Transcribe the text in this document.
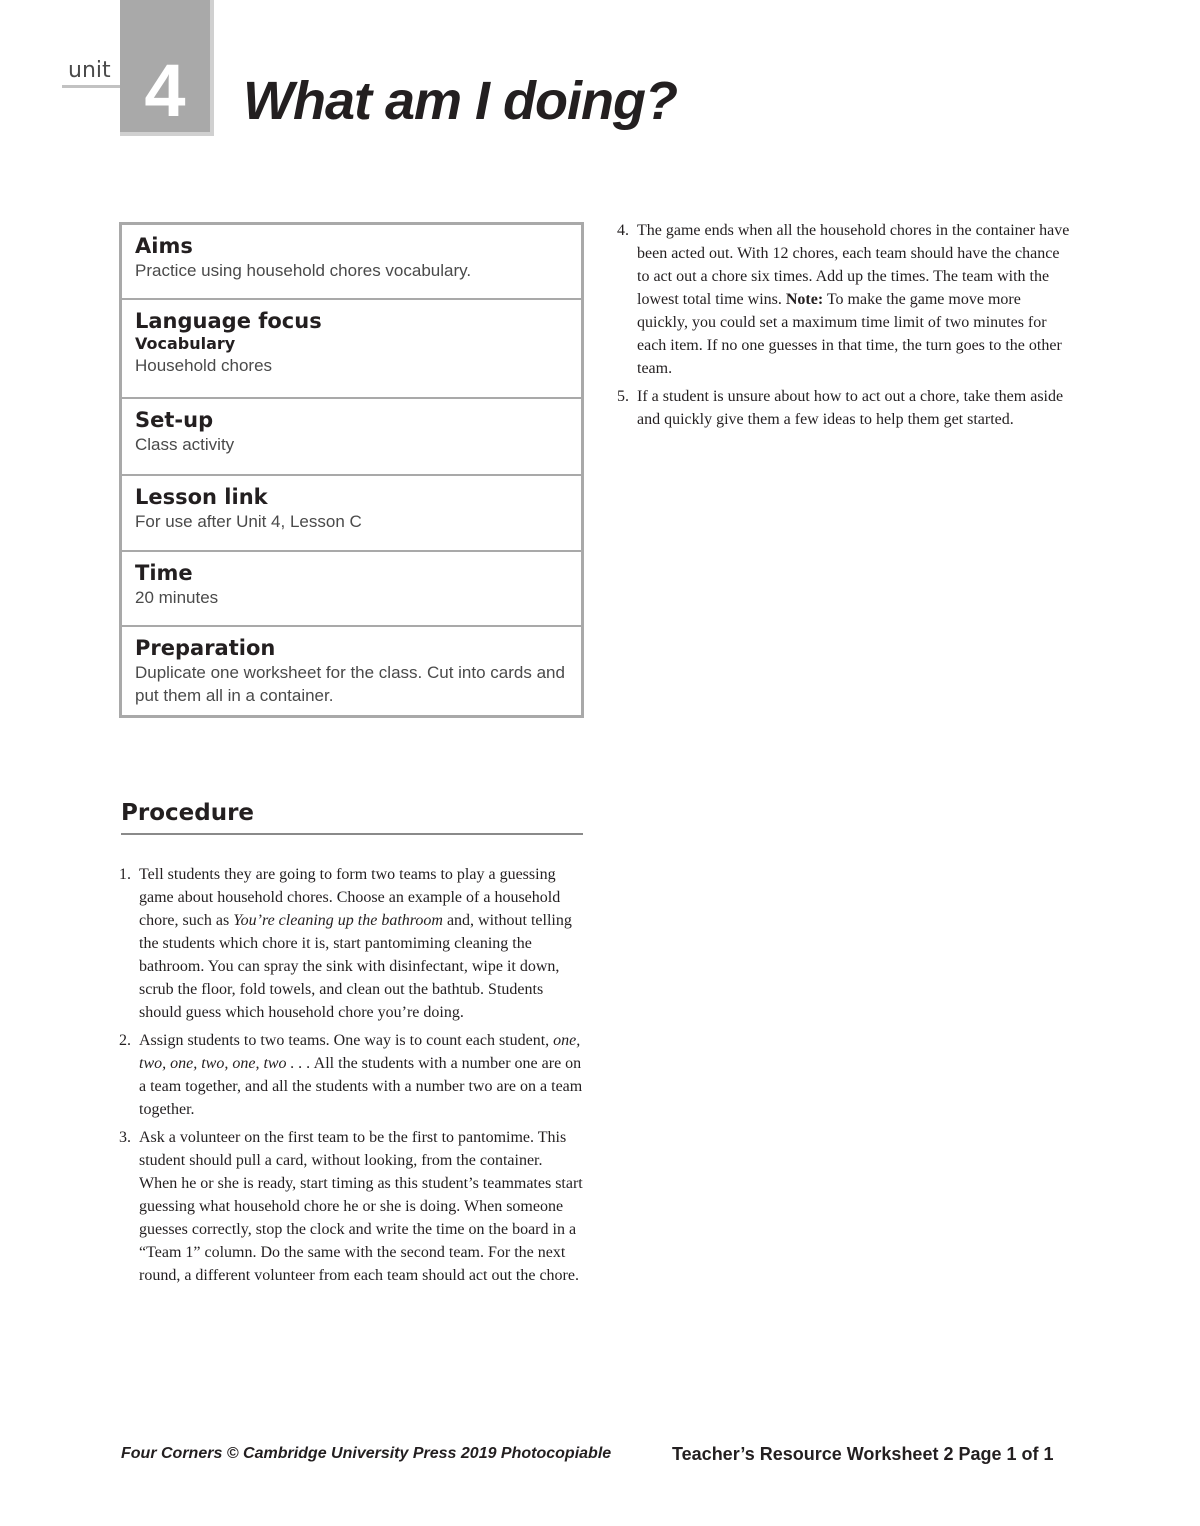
unit 4	What am I doing?
Aims
Practice using household chores vocabulary.
Language focus
Vocabulary
Household chores
Set-up
Class activity
Lesson link
For use after Unit 4, Lesson C
Time
20 minutes
Preparation
Duplicate one worksheet for the class. Cut into cards and put them all in a container.
Procedure
1. Tell students they are going to form two teams to play a guessing game about household chores. Choose an example of a household chore, such as You’re cleaning up the bathroom and, without telling the students which chore it is, start pantomiming cleaning the bathroom. You can spray the sink with disinfectant, wipe it down, scrub the floor, fold towels, and clean out the bathtub. Students should guess which household chore you’re doing.
2. Assign students to two teams. One way is to count each student, one, two, one, two, one, two . . . All the students with a number one are on a team together, and all the students with a number two are on a team together.
3. Ask a volunteer on the first team to be the first to pantomime. This student should pull a card, without looking, from the container. When he or she is ready, start timing as this student’s teammates start guessing what household chore he or she is doing. When someone guesses correctly, stop the clock and write the time on the board in a “Team 1” column. Do the same with the second team. For the next round, a different volunteer from each team should act out the chore.
4. The game ends when all the household chores in the container have been acted out. With 12 chores, each team should have the chance to act out a chore six times. Add up the times. The team with the lowest total time wins. Note: To make the game move more quickly, you could set a maximum time limit of two minutes for each item. If no one guesses in that time, the turn goes to the other team.
5. If a student is unsure about how to act out a chore, take them aside and quickly give them a few ideas to help them get started.
Four Corners © Cambridge University Press 2019 Photocopiable	Teacher’s Resource Worksheet 2 Page 1 of 1
